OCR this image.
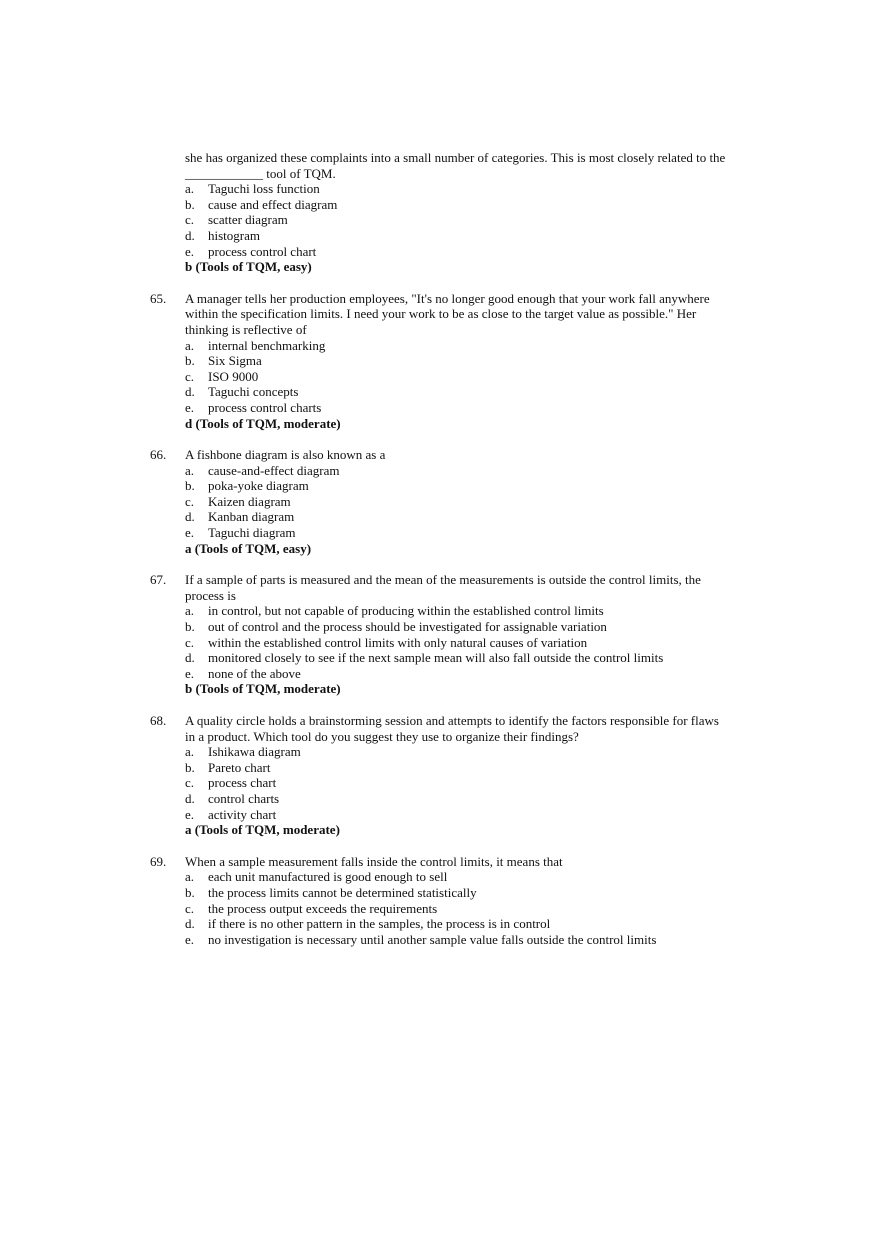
she has organized these complaints into a small number of categories. This is most closely related to the ____________ tool of TQM.
a. Taguchi loss function
b. cause and effect diagram
c. scatter diagram
d. histogram
e. process control chart
b (Tools of TQM, easy)
65. A manager tells her production employees, "It's no longer good enough that your work fall anywhere within the specification limits. I need your work to be as close to the target value as possible." Her thinking is reflective of
a. internal benchmarking
b. Six Sigma
c. ISO 9000
d. Taguchi concepts
e. process control charts
d (Tools of TQM, moderate)
66. A fishbone diagram is also known as a
a. cause-and-effect diagram
b. poka-yoke diagram
c. Kaizen diagram
d. Kanban diagram
e. Taguchi diagram
a (Tools of TQM, easy)
67. If a sample of parts is measured and the mean of the measurements is outside the control limits, the process is
a. in control, but not capable of producing within the established control limits
b. out of control and the process should be investigated for assignable variation
c. within the established control limits with only natural causes of variation
d. monitored closely to see if the next sample mean will also fall outside the control limits
e. none of the above
b (Tools of TQM, moderate)
68. A quality circle holds a brainstorming session and attempts to identify the factors responsible for flaws in a product. Which tool do you suggest they use to organize their findings?
a. Ishikawa diagram
b. Pareto chart
c. process chart
d. control charts
e. activity chart
a (Tools of TQM, moderate)
69. When a sample measurement falls inside the control limits, it means that
a. each unit manufactured is good enough to sell
b. the process limits cannot be determined statistically
c. the process output exceeds the requirements
d. if there is no other pattern in the samples, the process is in control
e. no investigation is necessary until another sample value falls outside the control limits
